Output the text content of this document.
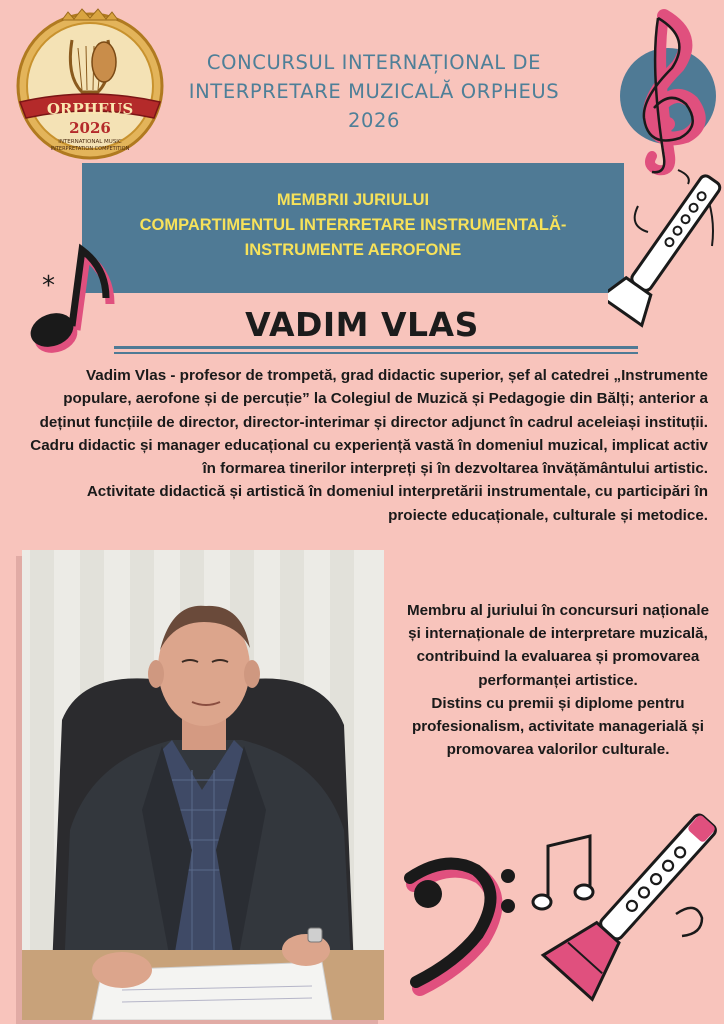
ORPHEUS
2026
INTERNATIONAL MUSIC
INTERPRETATION COMPETITION
CONCURSUL INTERNAȚIONAL DE
INTERPRETARE MUZICALĂ ORPHEUS
2026
MEMBRII JURIULUI
COMPARTIMENTUL INTERRETARE INSTRUMENTALĂ-
INSTRUMENTE AEROFONE
*
VADIM VLAS

Vadim Vlas - profesor de trompetă, grad didactic superior, șef al catedrei „Instrumente populare, aerofone și de percuție” la Colegiul de Muzică și Pedagogie din Bălți; anterior a deținut funcțiile de director, director-interimar și director adjunct în cadrul aceleiași instituții.

Cadru didactic și manager educațional cu experiență vastă în domeniul muzical, implicat activ în formarea tinerilor interpreți și în dezvoltarea învățământului artistic.

Activitate didactică și artistică în domeniul interpretării instrumentale, cu participări în proiecte educaționale, culturale și metodice.

Membru al juriului în concursuri naționale și internaționale de interpretare muzicală, contribuind la evaluarea și promovarea performanței artistice.

Distins cu premii și diplome pentru profesionalism, activitate managerială și promovarea valorilor culturale.
